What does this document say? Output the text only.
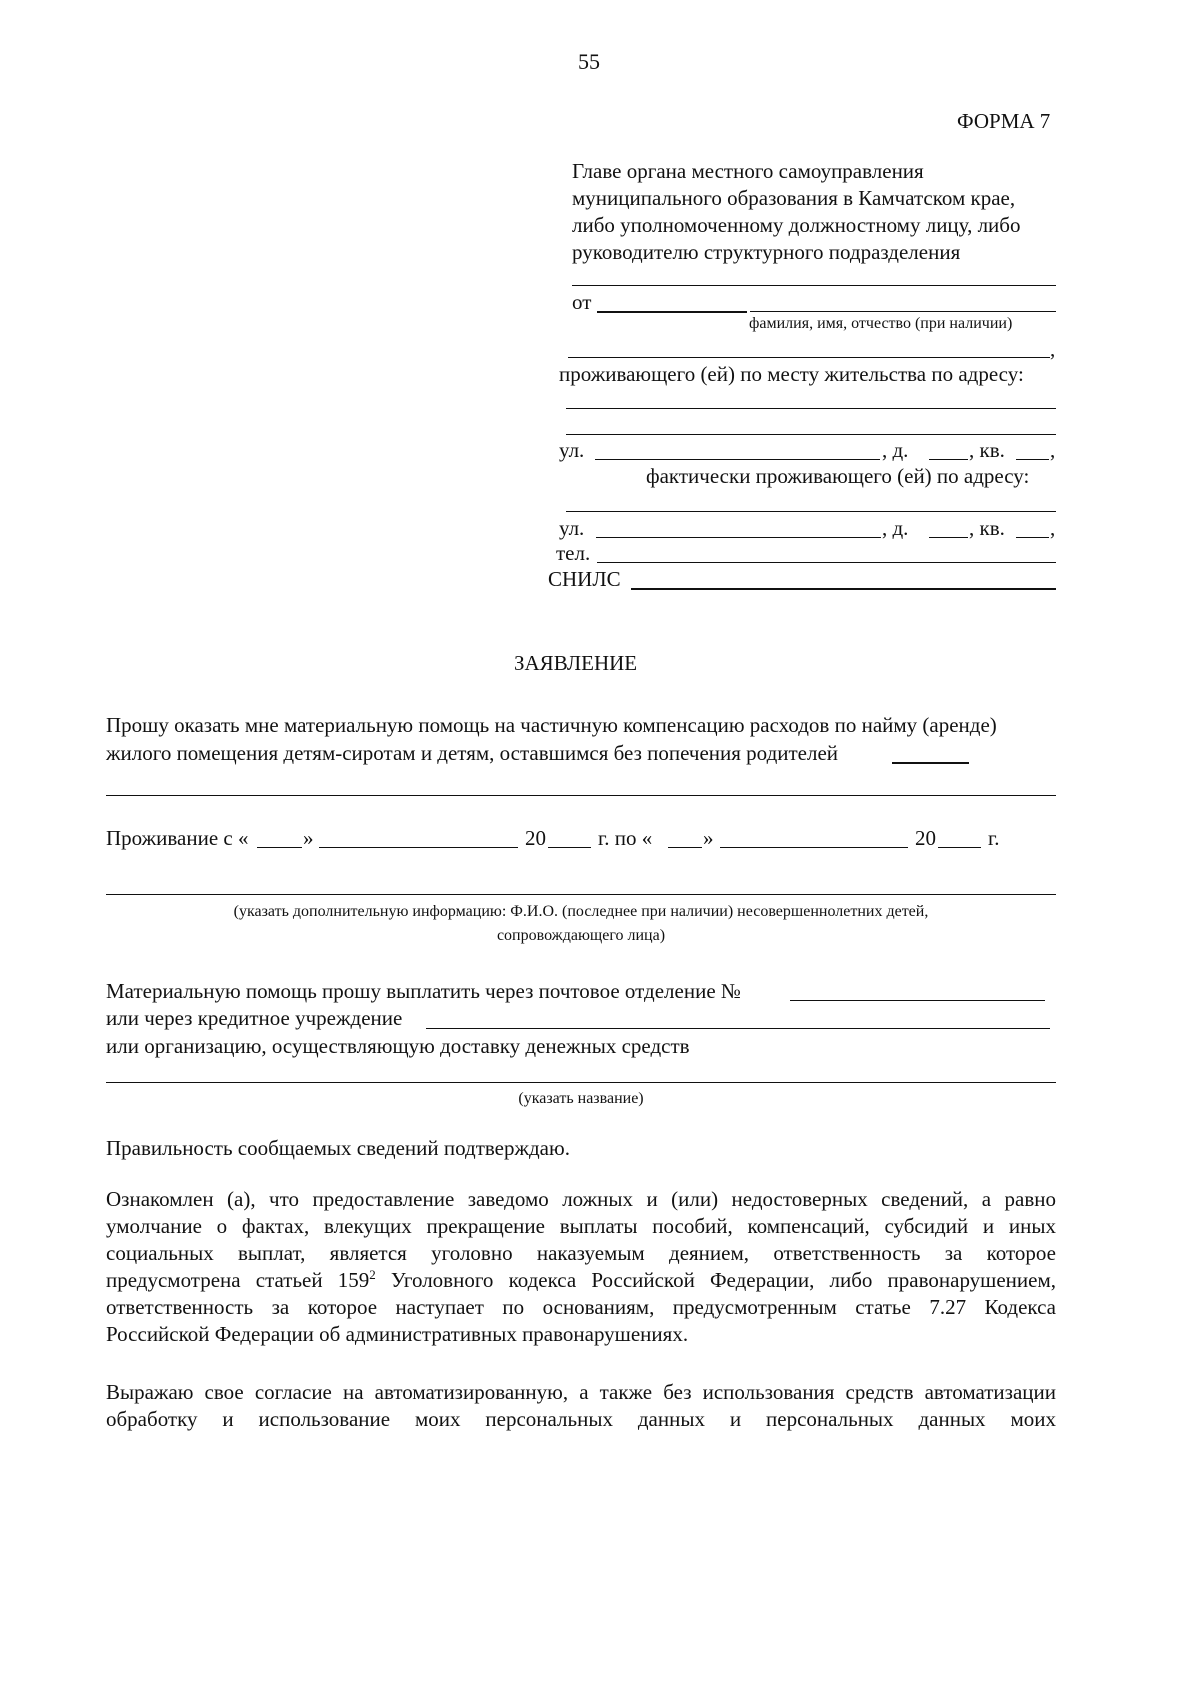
55
ФОРМА 7
Главе органа местного самоуправления
муниципального образования в Камчатском крае,
либо уполномоченному должностному лицу, либо
руководителю структурного подразделения
от
фамилия, имя, отчество (при наличии)
,
проживающего (ей) по месту жительства по адресу:
ул.	, д.	, кв. ,
фактически проживающего (ей) по адресу:
ул.	, д.	, кв. ,
тел.
СНИЛС
ЗАЯВЛЕНИЕ
Прошу оказать мне материальную помощь на частичную компенсацию расходов по найму (аренде)
жилого помещения детям-сиротам и детям, оставшимся без попечения родителей
Проживание с «	»	20 г. по « »	20 г.
(указать дополнительную информацию: Ф.И.О. (последнее при наличии) несовершеннолетних детей,
сопровождающего лица)
Материальную помощь прошу выплатить через почтовое отделение №
или через кредитное учреждение
или организацию, осуществляющую доставку денежных средств
(указать название)
Правильность сообщаемых сведений подтверждаю.
Ознакомлен (а), что предоставление заведомо ложных и (или) недостоверных сведений, а равно
умолчание о фактах, влекущих прекращение выплаты пособий, компенсаций, субсидий и иных
социальных выплат, является уголовно наказуемым деянием, ответственность за которое
предусмотрена статьей $159^2$ Уголовного кодекса Российской Федерации, либо правонарушением,
ответственность за которое наступает по основаниям, предусмотренным статье 7.27 Кодекса
Российской Федерации об административных правонарушениях.
Выражаю свое согласие на автоматизированную, а также без использования средств автоматизации
обработку и использование моих персональных данных и персональных данных моих
